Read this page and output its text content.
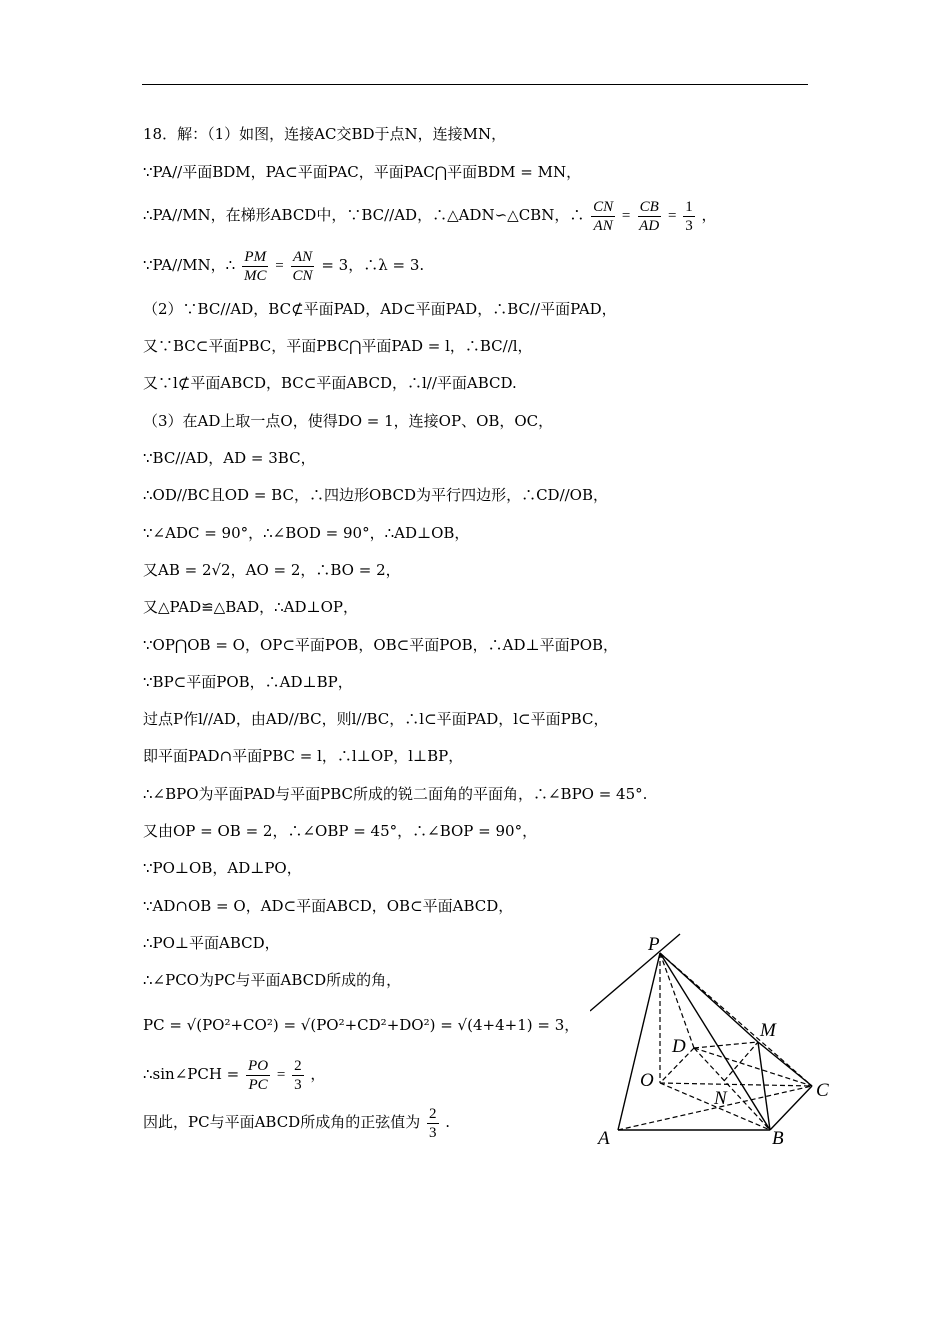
18．解：（1）如图，连接AC交BD于点N，连接MN，
∵PA//平面BDM，PA⊂平面PAC，平面PAC⋂平面BDM = MN，
∴PA//MN，在梯形ABCD中，∵BC//AD，∴△ADN∽△CBN，∴ $\frac{CN}{AN} = \frac{CB}{AD} = \frac{1}{3}$ ，
∵PA//MN，∴ $\frac{PM}{MC} = \frac{AN}{CN} = 3$，∴λ = 3.
（2）∵BC//AD，BC⊄平面PAD，AD⊂平面PAD，∴BC//平面PAD，
又∵BC⊂平面PBC，平面PBC⋂平面PAD = l，∴BC//l，
又∵l⊄平面ABCD，BC⊂平面ABCD，∴l//平面ABCD.
（3）在AD上取一点O，使得DO = 1，连接OP、OB，OC，
∵BC//AD，AD = 3BC，
∴OD//BC且OD = BC，∴四边形OBCD为平行四边形，∴CD//OB，
∵∠ADC = 90°，∴∠BOD = 90°，∴AD⊥OB，
又AB = 2√2，AO = 2，∴BO = 2，
又△PAD≌△BAD，∴AD⊥OP，
∵OP⋂OB = O，OP⊂平面POB，OB⊂平面POB，∴AD⊥平面POB，
∵BP⊂平面POB，∴AD⊥BP，
过点P作l//AD，由AD//BC，则l//BC，∴l⊂平面PAD，l⊂平面PBC，
即平面PAD∩平面PBC = l，∴l⊥OP，l⊥BP，
∴∠BPO为平面PAD与平面PBC所成的锐二面角的平面角，∴∠BPO = 45°.
又由OP = OB = 2，∴∠OBP = 45°，∴∠BOP = 90°，
∵PO⊥OB，AD⊥PO，
∵AD∩OB = O，AD⊂平面ABCD，OB⊂平面ABCD，
∴PO⊥平面ABCD，
∴∠PCO为PC与平面ABCD所成的角，
PC = √(PO²+CO²) = √(PO²+CD²+DO²) = √(4+4+1) = 3，
∴sin∠PCH = $\frac{PO}{PC} = \frac{2}{3}$ ，
因此，PC与平面ABCD所成角的正弦值为 $\frac{2}{3}$ .
P
M
D
O	C
N
A	B
